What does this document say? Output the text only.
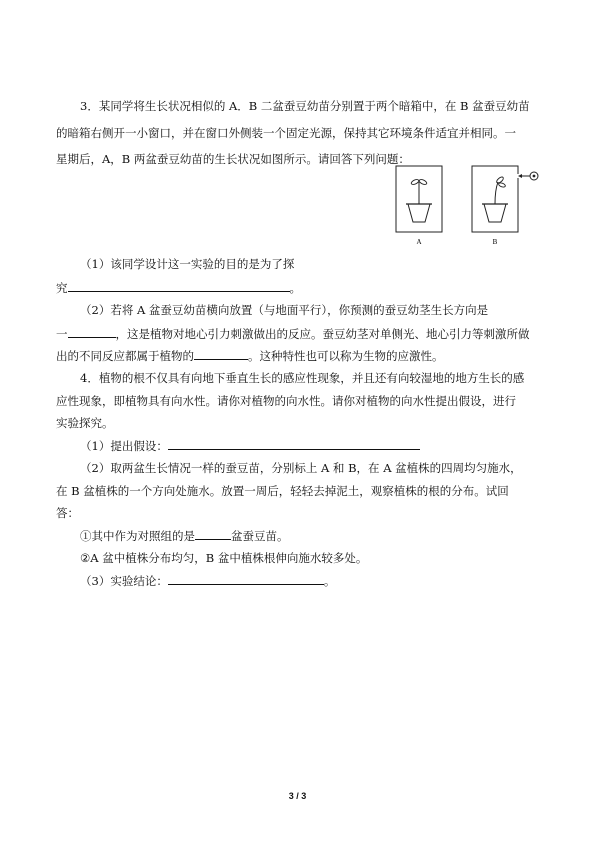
3．某同学将生长状况相似的 A．B 二盆蚕豆幼苗分别置于两个暗箱中，在 B 盆蚕豆幼苗
的暗箱右侧开一小窗口，并在窗口外侧装一个固定光源，保持其它环境条件适宜并相同。一
星期后，A，B 两盆蚕豆幼苗的生长状况如图所示。请回答下列问题：
A	B
（1）该同学设计这一实验的目的是为了探
究	。
（2）若将 A 盆蚕豆幼苗横向放置（与地面平行），你预测的蚕豆幼茎生长方向是
一	，这是植物对地心引力刺激做出的反应。蚕豆幼茎对单侧光、地心引力等刺激所做
出的不同反应都属于植物的	。这种特性也可以称为生物的应激性。
4．植物的根不仅具有向地下垂直生长的感应性现象，并且还有向较湿地的地方生长的感
应性现象，即植物具有向水性。请你对植物的向水性。请你对植物的向水性提出假设，进行
实验探究。
（1）提出假设：
（2）取两盆生长情况一样的蚕豆苗，分别标上 A 和 B，在 A 盆植株的四周均匀施水，
在 B 盆植株的一个方向处施水。放置一周后，轻轻去掉泥土，观察植株的根的分布。试回
答：
①其中作为对照组的是	盆蚕豆苗。
②A 盆中植株分布均匀，B 盆中植株根伸向施水较多处。
（3）实验结论：	。
3 / 3
